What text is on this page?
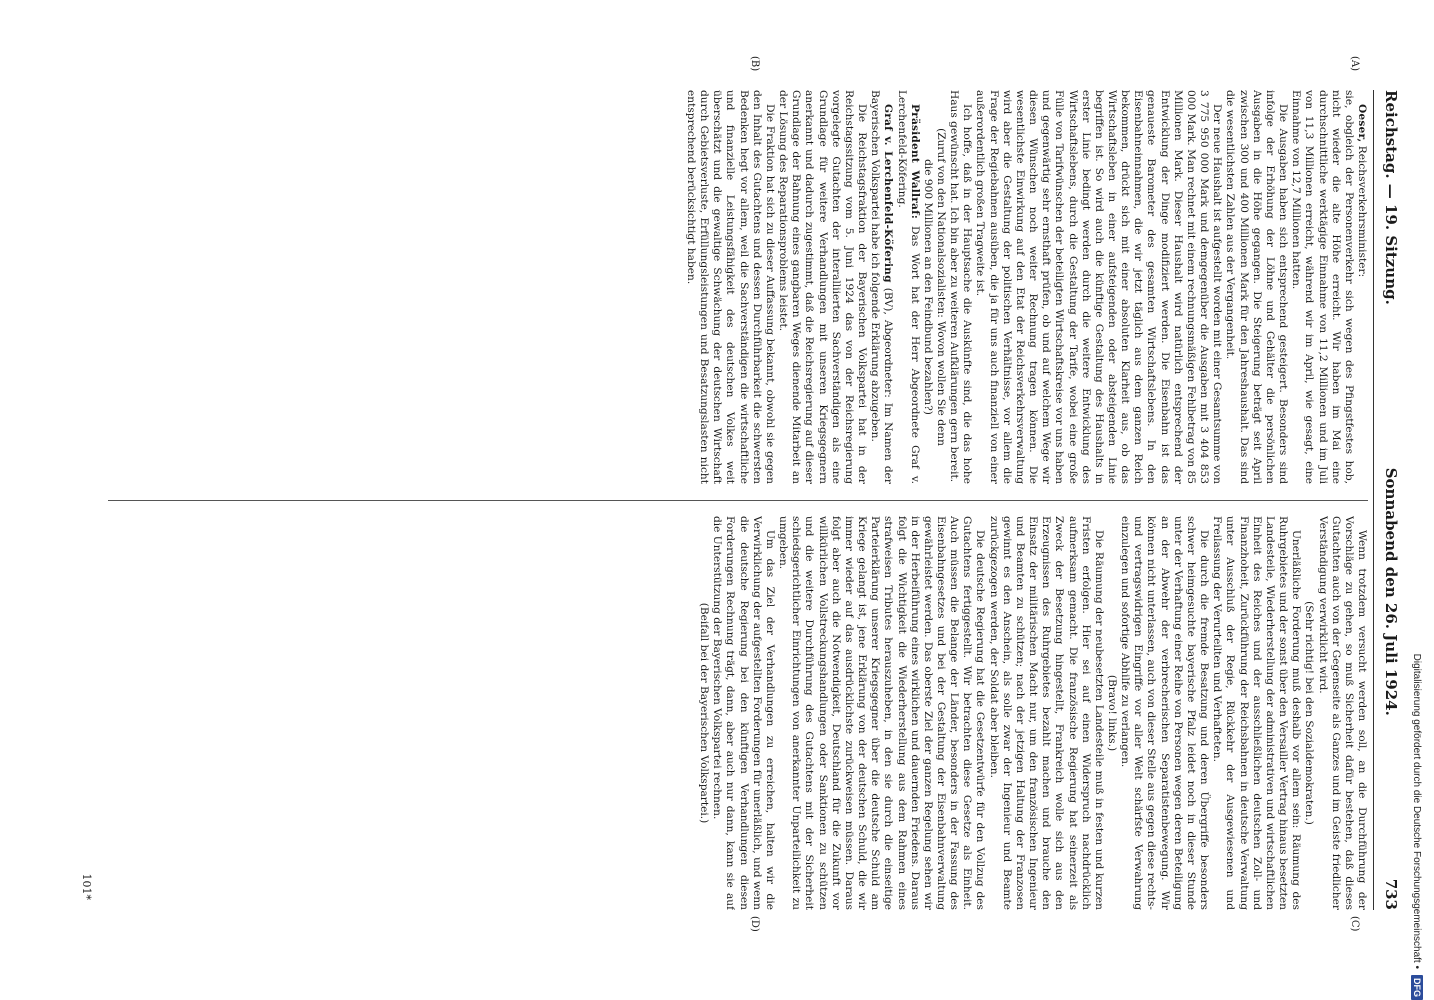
Reichstag. — 19. Sitzung.
Sonnabend den 26. Juli 1924.
733

Oeser, Reichsverkehrsminister:

sie, obgleich der Personenverkehr sich wegen des Pfingstfestes hob, nicht wieder die alte Höhe erreicht. Wir haben im Mai eine durchschnittliche werktägige Einnahme von 11,2 Millionen und im Juli von 11,3 Millionen erreicht, während wir im April, wie gesagt, eine Einnahme von 12,7 Millionen hatten.

Die Ausgaben haben sich entsprechend gesteigert. Besonders sind infolge der Erhöhung der Löhne und Gehälter die persönlichen Ausgaben in die Höhe gegangen. Die Steigerung beträgt seit April zwischen 300 und 400 Millionen Mark für den Jahreshaushalt. Das sind die wesentlichsten Zahlen aus der Vergangenheit.

Der neue Haushalt ist aufgestellt worden mit einer Gesamtsumme von 3 775 950 000 Mark und demgegenüber die Ausgaben mit 3 404 853 000 Mark. Man rechnet mit einem rechnungsmäßigen Fehlbetrag von 85 Millionen Mark. Dieser Haushalt wird natürlich entsprechend der Entwicklung der Dinge modifiziert werden. Die Eisenbahn ist das genaueste Barometer des gesamten Wirtschaftslebens. In den Eisenbahneinnahmen, die wir jetzt täglich aus dem ganzen Reich bekommen, drückt sich mit einer absoluten Klarheit aus, ob das Wirtschaftsleben in einer aufsteigenden oder absteigenden Linie begriffen ist. So wird auch die künftige Gestaltung des Haushalts in erster Linie bedingt werden durch die weitere Entwicklung des Wirtschaftslebens, durch die Gestaltung der Tarife, wobei eine große Fülle von Tarifwünschen der beteiligten Wirtschaftskreise vor uns haben und gegenwärtig sehr ernsthaft prüfen, ob und auf welchem Wege wir diesen Wünschen noch weiter Rechnung tragen können. Die wesentlichste Einwirkung auf den Etat der Reichsverkehrsverwaltung wird aber die Gestaltung der politischen Verhältnisse, vor allem die Frage der Regiebahnen ausüben, die ja für uns auch finanziell von einer außerordentlich großen Tragweite ist.

Ich hoffe, daß in der Hauptsache die Auskünfte sind, die das hohe Haus gewünscht hat. Ich bin aber zu weiteren Aufklärungen gern bereit.

(Zuruf von den Nationalsozialisten: Wovon wollen Sie denn die 900 Millionen an den Feindbund bezahlen?)

Präsident Wallraf: Das Wort hat der Herr Abgeordnete Graf v. Lerchenfeld-Köfering.

Graf v. Lerchenfeld-Köfering (BV), Abgeordneter: Im Namen der Bayerischen Volkspartei habe ich folgende Erklärung abzugeben.

Die Reichstagsfraktion der Bayerischen Volkspartei hat in der Reichstagssitzung vom 5. Juni 1924 das von der Reichsregierung vorgelegte Gutachten der interalliierten Sachverständigen als eine Grundlage für weitere Verhandlungen mit unseren Kriegsgegnern anerkannt und dadurch zugestimmt, daß die Reichsregierung auf dieser Grundlage der Bahnung eines gangbaren Weges dienende Mitarbeit an der Lösung des Reparationsproblems leistet.

Die Fraktion hat sich zu dieser Auffassung bekannt, obwohl sie gegen den Inhalt des Gutachtens und dessen Durchführbarkeit die schwersten Bedenken hegt vor allem, weil die Sachverständigen die wirtschaftliche und finanzielle Leistungsfähigkeit des deutschen Volkes weit überschätzt und die gewaltige Schwächung der deutschen Wirtschaft durch Gebietsverluste, Erfüllungsleistungen und Besatzungslasten nicht entsprechend berücksichtigt haben.

Wenn trotzdem versucht werden soll, an die Durchführung der Vorschläge zu gehen, so muß Sicherheit dafür bestehen, daß dieses Gutachten auch von der Gegenseite als Ganzes und im Geiste friedlicher Verständigung verwirklicht wird.

(Sehr richtig! bei den Sozialdemokraten.)

Unerläßliche Forderung muß deshalb vor allem sein: Räumung des Ruhrgebietes und der sonst über den Versailler Vertrag hinaus besetzten Landesteile, Wiederherstellung der administrativen und wirtschaftlichen Einheit des Reiches und der ausschließlichen deutschen Zoll- und Finanzhoheit, Zurückführung der Reichsbahnen in deutsche Verwaltung unter Ausschluß der Regie, Rückkehr der Ausgewiesenen und Freilassung der Verurteilten und Verhafteten.

Die durch die fremde Besatzung und deren Übergriffe besonders schwer heimgesuchte bayerische Pfalz leidet noch in dieser Stunde unter der Verhaftung einer Reihe von Personen wegen deren Beteiligung an der Abwehr der verbrecherischen Separatistenbewegung. Wir können nicht unterlassen, auch von dieser Stelle aus gegen diese rechts- und vertragswidrigen Eingriffe vor aller Welt schärfste Verwahrung einzulegen und sofortige Abhilfe zu verlangen.

(Bravo! links.)

Die Räumung der neubesetzten Landesteile muß in festen und kurzen Fristen erfolgen. Hier sei auf einen Widerspruch nachdrücklich aufmerksam gemacht. Die französische Regierung hat seinerzeit als Zweck der Besetzung hingestellt, Frankreich wolle sich aus den Erzeugnissen des Ruhrgebietes bezahlt machen und brauche den Einsatz der militärischen Macht nur, um den französischen Ingenieur und Beamten zu schützen; nach der jetzigen Haltung der Franzosen gewinnt es den Anschein, als solle zwar der Ingenieur und Beamte zurückgezogen werden, der Soldat aber bleiben.

Die deutsche Regierung hat die Gesetzentwürfe für den Vollzug des Gutachtens fertiggestellt. Wir betrachten diese Gesetze als Einheit. Auch müssen die Belange der Länder, besonders in der Fassung des Eisenbahngesetzes und bei der Gestaltung der Eisenbahnverwaltung gewährleistet werden. Das oberste Ziel der ganzen Regelung sehen wir in der Herbeiführung eines wirklichen und dauernden Friedens. Daraus folgt die Wichtigkeit die Wiederherstellung aus dem Rahmen eines strafweisen Tributes herauszuheben, in den sie durch die einseitige Parteierklärung unserer Kriegsgegner über die deutsche Schuld am Kriege gelangt ist, jene Erklärung von der deutschen Schuld, die wir immer wieder auf das ausdrücklichste zurückweisen müssen. Daraus folgt aber auch die Notwendigkeit, Deutschland für die Zukunft vor willkürlichen Vollstreckungshandlungen oder Sanktionen zu schützen und die weitere Durchführung des Gutachtens mit der Sicherheit schiedsgerichtlicher Einrichtungen von anerkannter Unparteilichkeit zu umgeben.

Um das Ziel der Verhandlungen zu erreichen, halten wir die Verwirklichung der aufgestellten Forderungen für unerläßlich, und wenn die deutsche Regierung bei den künftigen Verhandlungen diesen Forderungen Rechnung trägt, dann, aber auch nur dann, kann sie auf die Unterstützung der Bayerischen Volkspartei rechnen.

(Beifall bei der Bayerischen Volkspartei.)

(A)
(B)
(C)
(D)
101*	Digitalisierung gefördert durch die Deutsche Forschungsgemeinschaft •
DFG
